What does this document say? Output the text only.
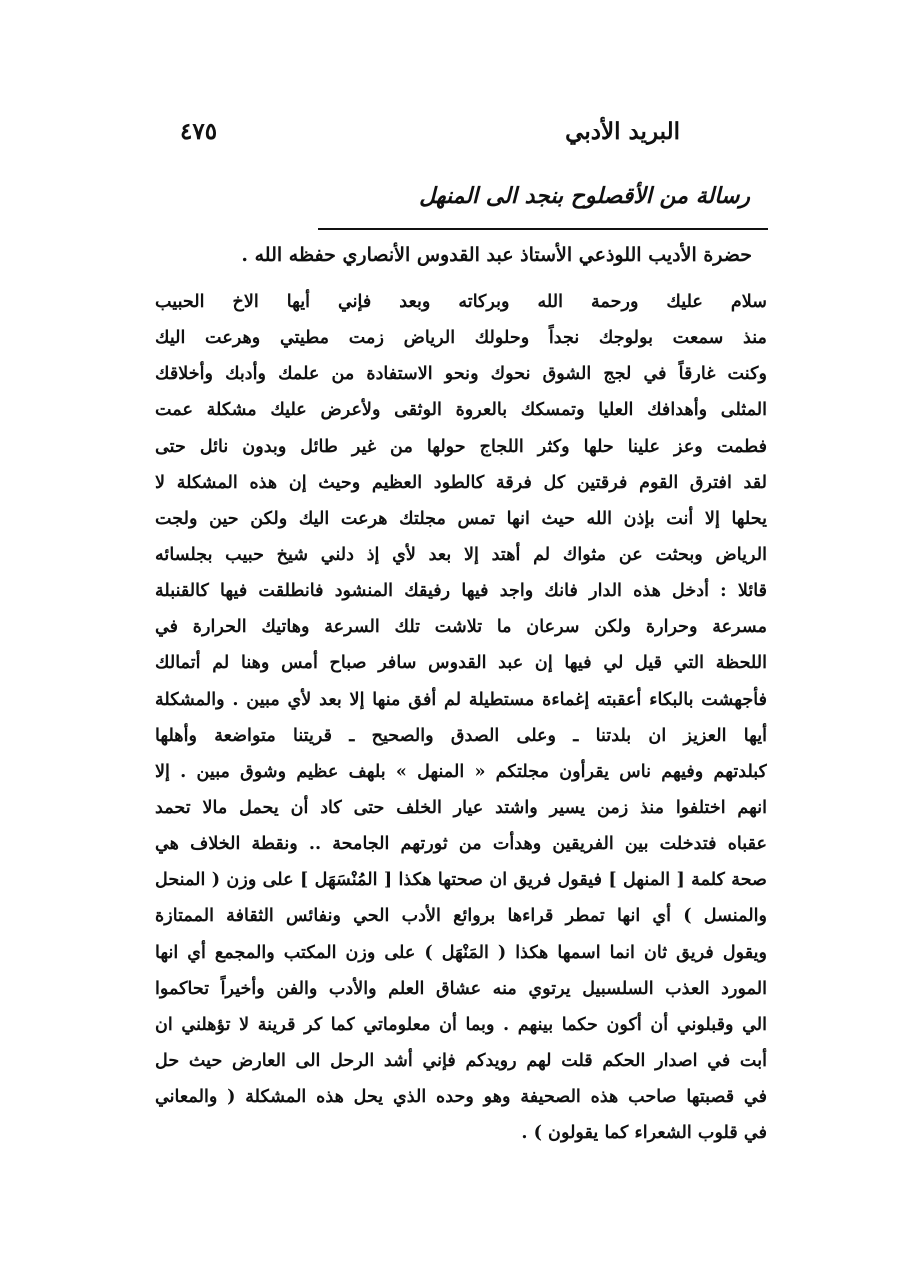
البريد الأدبي
٤٧٥
رسالة من الأقصلوح بنجد الى المنهل
حضرة الأديب اللوذعي الأستاذ عبد القدوس الأنصاري حفظه الله .
سلام عليك ورحمة الله وبركاته وبعد فإني أيها الاخ الحبيب
منذ سمعت بولوجك نجداً وحلولك الرياض زمت مطيتي وهرعت اليك
وكنت غارقاً في لجج الشوق نحوك ونحو الاستفادة من علمك وأدبك وأخلاقك
المثلى وأهدافك العليا وتمسكك بالعروة الوثقى ولأعرض عليك مشكلة عمت
فطمت وعز علينا حلها وكثر اللجاج حولها من غير طائل وبدون نائل حتى
لقد افترق القوم فرقتين كل فرقة كالطود العظيم وحيث إن هذه المشكلة لا
يحلها إلا أنت بإذن الله حيث انها تمس مجلتك هرعت اليك ولكن حين ولجت
الرياض وبحثت عن مثواك لم أهتد إلا بعد لأي إذ دلني شيخ حبيب بجلسائه
قائلا : أدخل هذه الدار فانك واجد فيها رفيقك المنشود فانطلقت فيها كالقنبلة
مسرعة وحرارة ولكن سرعان ما تلاشت تلك السرعة وهاتيك الحرارة في
اللحظة التي قيل لي فيها إن عبد القدوس سافر صباح أمس وهنا لم أتمالك
فأجهشت بالبكاء أعقبته إغماءة مستطيلة لم أفق منها إلا بعد لأي مبين . والمشكلة
أيها العزيز ان بلدتنا ـ وعلى الصدق والصحيح ـ قريتنا متواضعة وأهلها
كبلدتهم وفيهم ناس يقرأون مجلتكم « المنهل » بلهف عظيم وشوق مبين . إلا
انهم اختلفوا منذ زمن يسير واشتد عيار الخلف حتى كاد أن يحمل مالا تحمد
عقباه فتدخلت بين الفريقين وهدأت من ثورتهم الجامحة .. ونقطة الخلاف هي
صحة كلمة [ المنهل ] فيقول فريق ان صحتها هكذا [ المُنْسَهَل ] على وزن ( المنحل
والمنسل ) أي انها تمطر قراءها بروائع الأدب الحي ونفائس الثقافة الممتازة
ويقول فريق ثان انما اسمها هكذا ( المَنْهَل ) على وزن المكتب والمجمع أي انها
المورد العذب السلسبيل يرتوي منه عشاق العلم والأدب والفن وأخيراً تحاكموا
الي وقبلوني أن أكون حكما بينهم . وبما أن معلوماتي كما كر قرينة لا تؤهلني ان
أبت في اصدار الحكم قلت لهم رويدكم فإني أشد الرحل الى العارض حيث حل
في قصبتها صاحب هذه الصحيفة وهو وحده الذي يحل هذه المشكلة ( والمعاني
في قلوب الشعراء كما يقولون ) .
